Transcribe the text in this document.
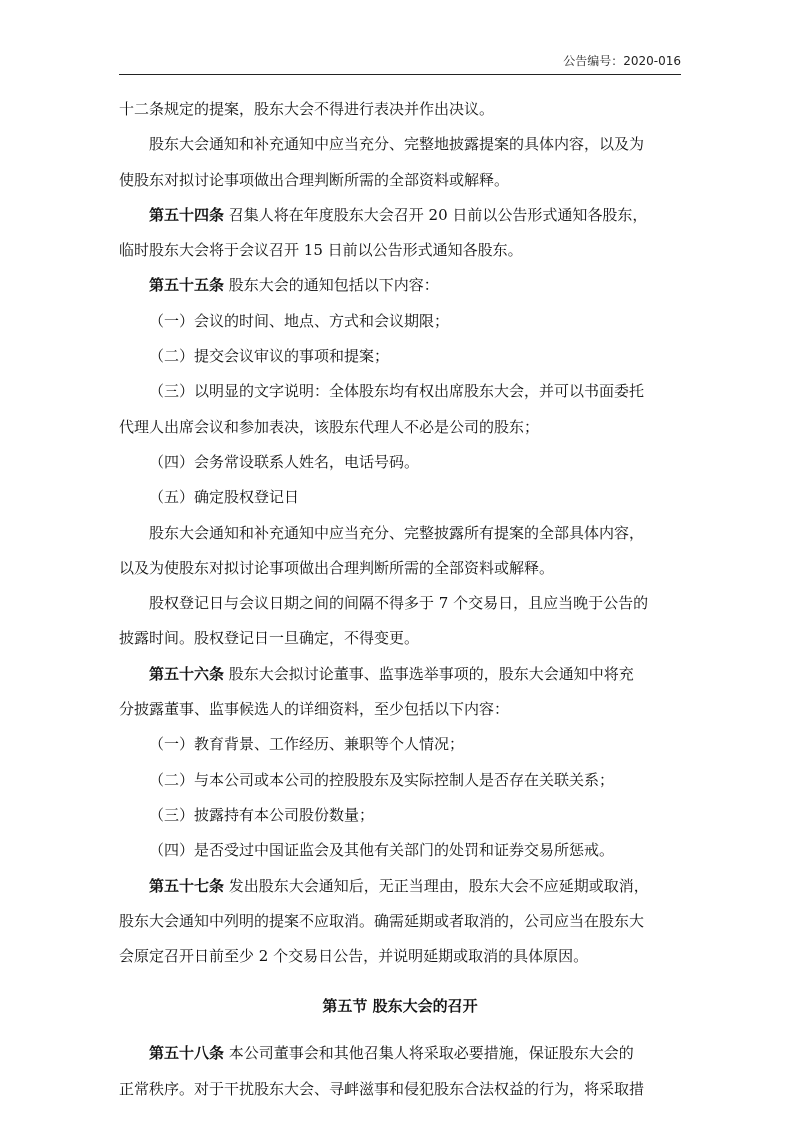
公告编号：2020-016
十二条规定的提案，股东大会不得进行表决并作出决议。
股东大会通知和补充通知中应当充分、完整地披露提案的具体内容，以及为
使股东对拟讨论事项做出合理判断所需的全部资料或解释。
第五十四条 召集人将在年度股东大会召开 20 日前以公告形式通知各股东，
临时股东大会将于会议召开 15 日前以公告形式通知各股东。
第五十五条 股东大会的通知包括以下内容：
（一）会议的时间、地点、方式和会议期限；
（二）提交会议审议的事项和提案；
（三）以明显的文字说明：全体股东均有权出席股东大会，并可以书面委托
代理人出席会议和参加表决，该股东代理人不必是公司的股东；
（四）会务常设联系人姓名，电话号码。
（五）确定股权登记日
股东大会通知和补充通知中应当充分、完整披露所有提案的全部具体内容，
以及为使股东对拟讨论事项做出合理判断所需的全部资料或解释。
股权登记日与会议日期之间的间隔不得多于 7 个交易日，且应当晚于公告的
披露时间。股权登记日一旦确定，不得变更。
第五十六条 股东大会拟讨论董事、监事选举事项的，股东大会通知中将充
分披露董事、监事候选人的详细资料，至少包括以下内容：
（一）教育背景、工作经历、兼职等个人情况；
（二）与本公司或本公司的控股股东及实际控制人是否存在关联关系；
（三）披露持有本公司股份数量；
（四）是否受过中国证监会及其他有关部门的处罚和证券交易所惩戒。
第五十七条 发出股东大会通知后，无正当理由，股东大会不应延期或取消，
股东大会通知中列明的提案不应取消。确需延期或者取消的，公司应当在股东大
会原定召开日前至少 2 个交易日公告，并说明延期或取消的具体原因。
第五节 股东大会的召开
第五十八条 本公司董事会和其他召集人将采取必要措施，保证股东大会的
正常秩序。对于干扰股东大会、寻衅滋事和侵犯股东合法权益的行为，将采取措
